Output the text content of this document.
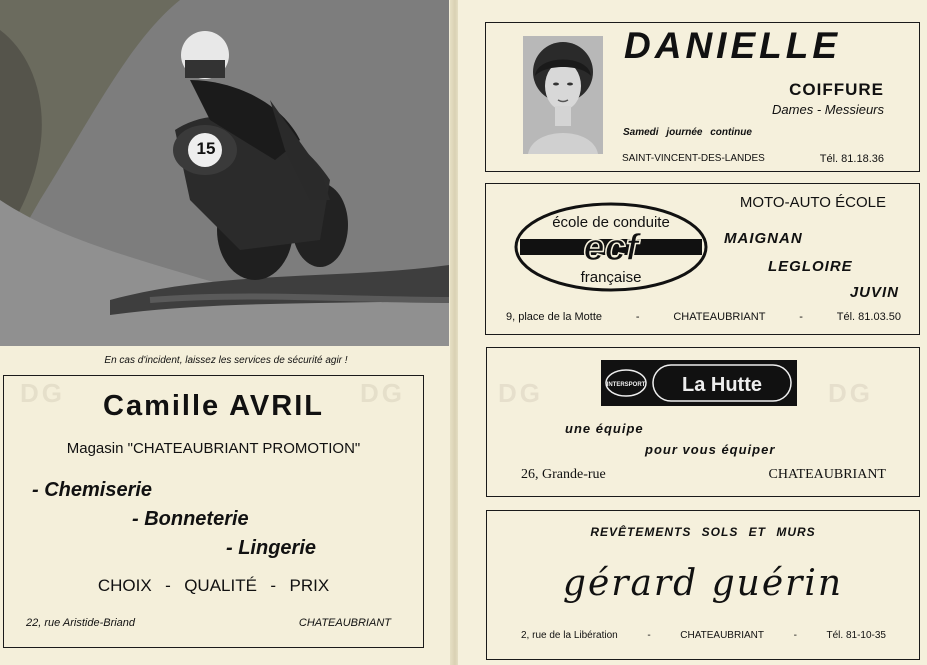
15
En cas d'incident, laissez les services de sécurité agir !
DG	DG
Camille AVRIL
Magasin "CHATEAUBRIANT PROMOTION"
- Chemiserie
- Bonneterie
- Lingerie
CHOIX  -  QUALITÉ  -  PRIX
22, rue Aristide-Briand	CHATEAUBRIANT
DG	DG
DANIELLE
COIFFURE
Dames - Messieurs
Samedi journée continue
SAINT-VINCENT-DES-LANDES	Tél. 81.18.36
école de conduite
ecf
française
MOTO-AUTO ÉCOLE
MAIGNAN
LEGLOIRE
JUVIN
9, place de la Motte	-	CHATEAUBRIANT	-	Tél. 81.03.50
INTERSPORT La Hutte
une équipe
pour vous équiper
26, Grande-rue	CHATEAUBRIANT
REVÊTEMENTS SOLS ET MURS
gérard guérin
2, rue de la Libération	-	CHATEAUBRIANT	-	Tél. 81-10-35
